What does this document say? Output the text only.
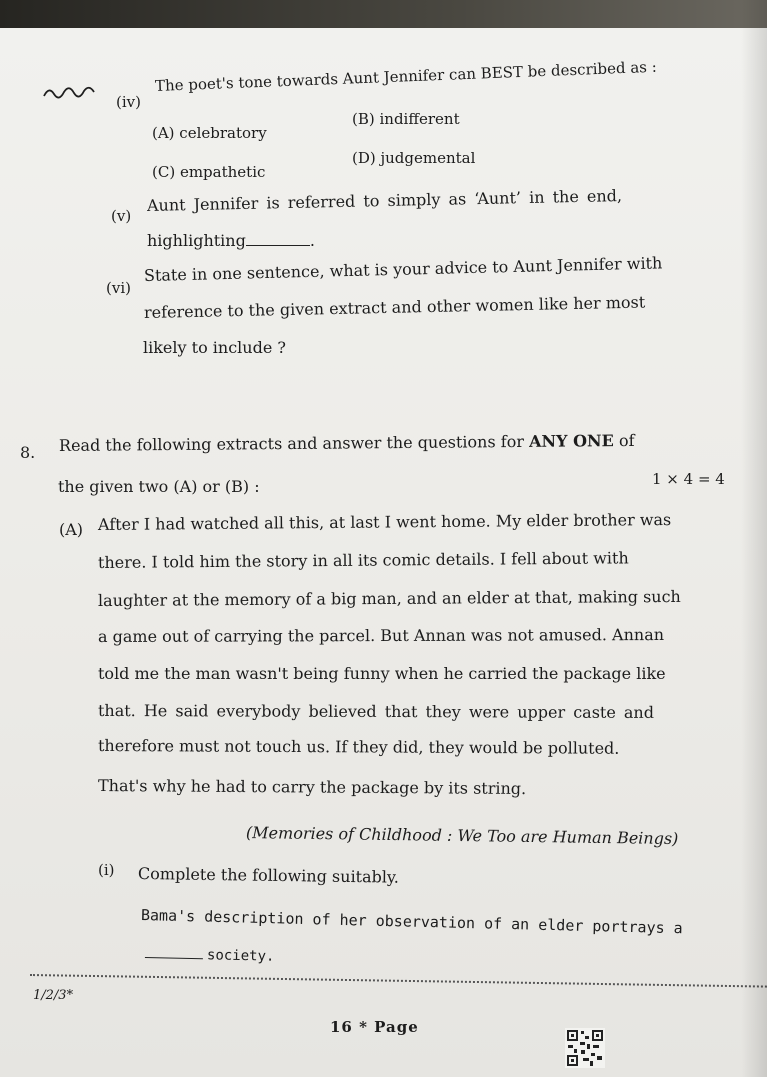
(iv)
The poet's tone towards Aunt Jennifer can BEST be described as :
(A) celebratory
(B) indifferent
(C) empathetic
(D) judgemental
(v)
Aunt Jennifer is referred to simply as ‘Aunt’ in the end,
highlighting	.
(vi)
State in one sentence, what is your advice to Aunt Jennifer with
reference to the given extract and other women like her most
likely to include ?
8. Read the following extracts and answer the questions for ANY ONE of
the given two (A) or (B) :	1 × 4 = 4
(A) After I had watched all this, at last I went home. My elder brother was
there. I told him the story in all its comic details. I fell about with
laughter at the memory of a big man, and an elder at that, making such
a game out of carrying the parcel. But Annan was not amused. Annan
told me the man wasn't being funny when he carried the package like
that. He said everybody believed that they were upper caste and
therefore must not touch us. If they did, they would be polluted.
That's why he had to carry the package by its string.
(Memories of Childhood : We Too are Human Beings)
(i) Complete the following suitably.
Bama's description of her observation of an elder portrays a
society.
1/2/3*
16 * Page
